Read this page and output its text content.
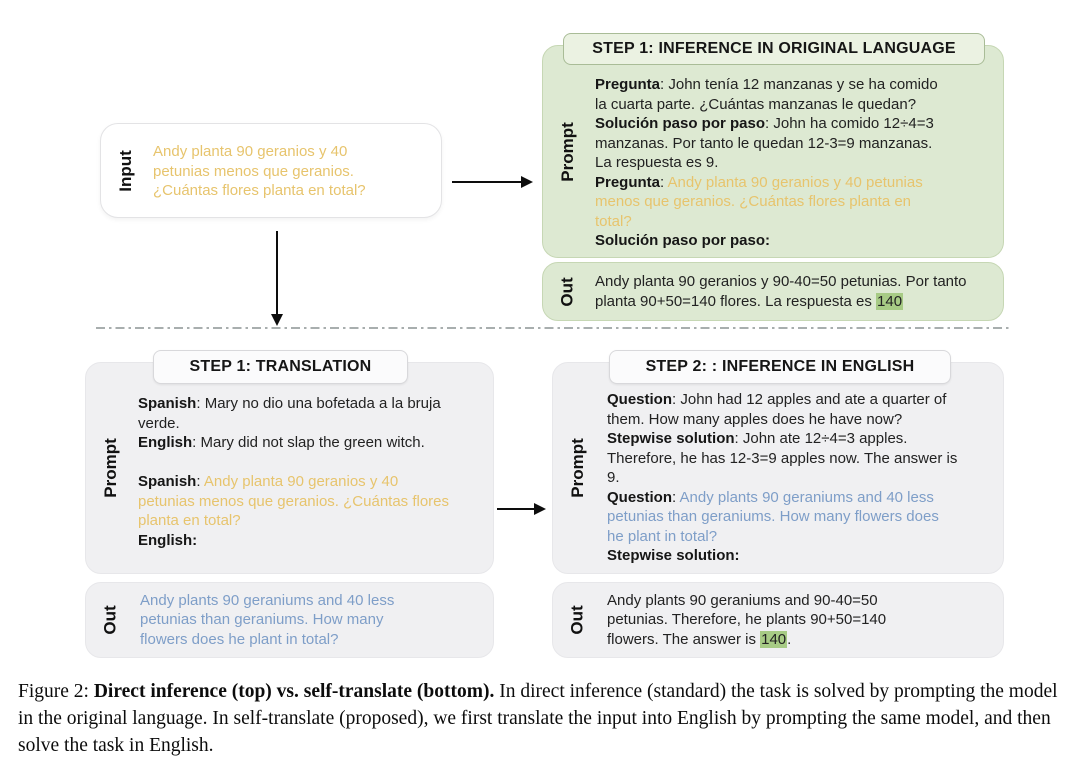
Input Andy planta 90 geranios y 40 petunias menos que geranios. ¿Cuántas flores planta en total?
STEP 1: INFERENCE IN ORIGINAL LANGUAGE
Prompt

Pregunta: John tenía 12 manzanas y se ha comido la cuarta parte. ¿Cuántas manzanas le quedan?

Solución paso por paso: John ha comido 12÷4=3 manzanas. Por tanto le quedan 12-3=9 manzanas. La respuesta es 9.

Pregunta: Andy planta 90 geranios y 40 petunias menos que geranios. ¿Cuántas flores planta en total?

Solución paso por paso:

Out Andy planta 90 geranios y 90-40=50 petunias. Por tanto planta 90+50=140 flores. La respuesta es 140
STEP 1: TRANSLATION
Prompt

Spanish: Mary no dio una bofetada a la bruja verde.

English: Mary did not slap the green witch.

Spanish: Andy planta 90 geranios y 40 petunias menos que geranios. ¿Cuántas flores planta en total?

English:

Out
Andy plants 90 geraniums and 40 less petunias than geraniums. How many flowers does he plant in total?
STEP 2: : INFERENCE IN ENGLISH
Prompt

Question: John had 12 apples and ate a quarter of them. How many apples does he have now?

Stepwise solution: John ate 12÷4=3 apples. Therefore, he has 12-3=9 apples now. The answer is 9.

Question: Andy plants 90 geraniums and 40 less petunias than geraniums. How many flowers does he plant in total?

Stepwise solution:

Out
Andy plants 90 geraniums and 90-40=50 petunias. Therefore, he plants 90+50=140 flowers. The answer is 140.
Figure 2: Direct inference (top) vs. self-translate (bottom). In direct inference (standard) the task is solved by prompting the model in the original language. In self-translate (proposed), we first translate the input into English by prompting the same model, and then solve the task in English.
